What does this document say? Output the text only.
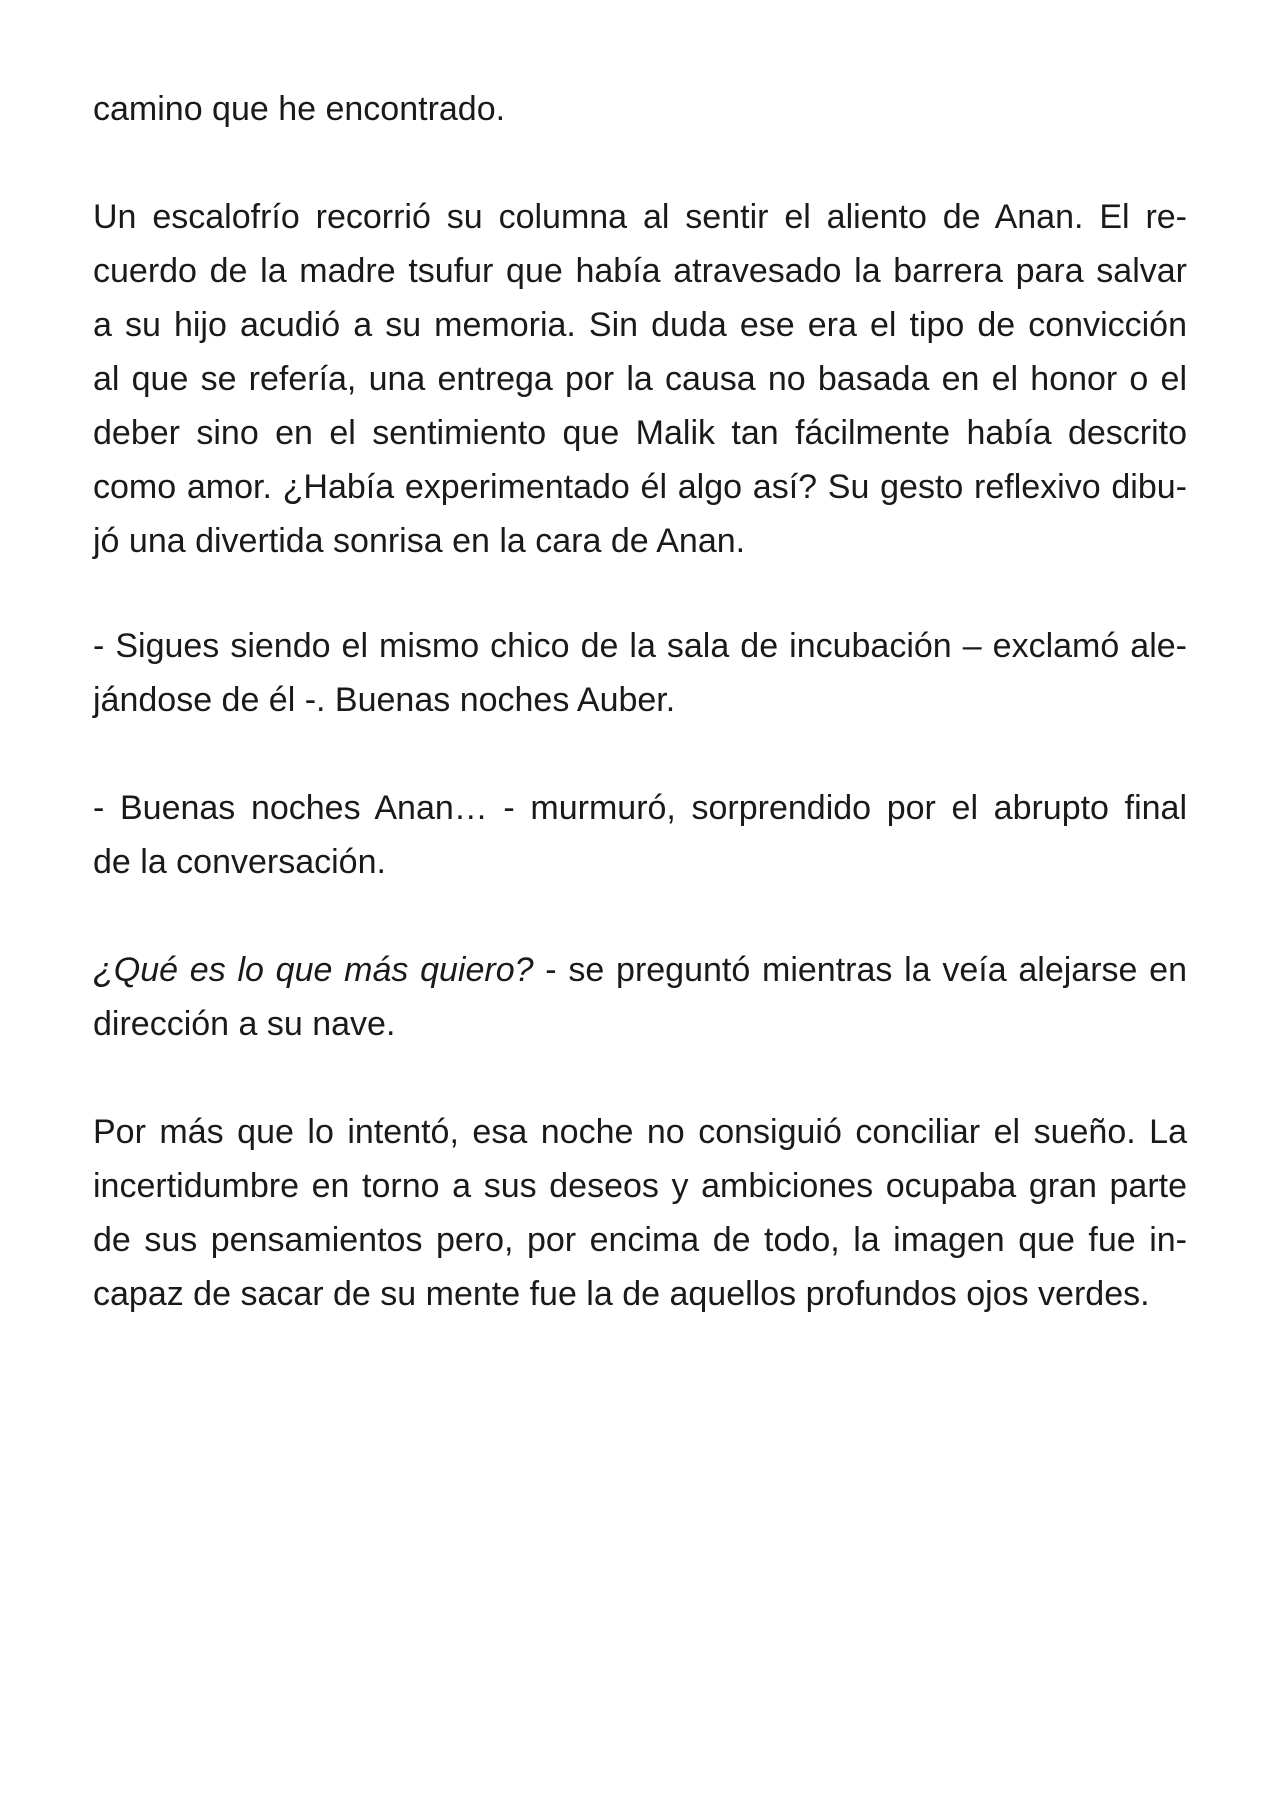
camino que he encontrado.
Un escalofrío recorrió su columna al sentir el aliento de Anan. El re-
cuerdo de la madre tsufur que había atravesado la barrera para salvar
a su hijo acudió a su memoria. Sin duda ese era el tipo de convicción
al que se refería, una entrega por la causa no basada en el honor o el
deber sino en el sentimiento que Malik tan fácilmente había descrito
como amor. ¿Había experimentado él algo así? Su gesto reflexivo dibu-
jó una divertida sonrisa en la cara de Anan.
- Sigues siendo el mismo chico de la sala de incubación – exclamó ale-
jándose de él -. Buenas noches Auber.
- Buenas noches Anan… - murmuró, sorprendido por el abrupto final
de la conversación.
¿Qué es lo que más quiero? - se preguntó mientras la veía alejarse en
dirección a su nave.
Por más que lo intentó, esa noche no consiguió conciliar el sueño. La
incertidumbre en torno a sus deseos y ambiciones ocupaba gran parte
de sus pensamientos pero, por encima de todo, la imagen que fue in-
capaz de sacar de su mente fue la de aquellos profundos ojos verdes.
